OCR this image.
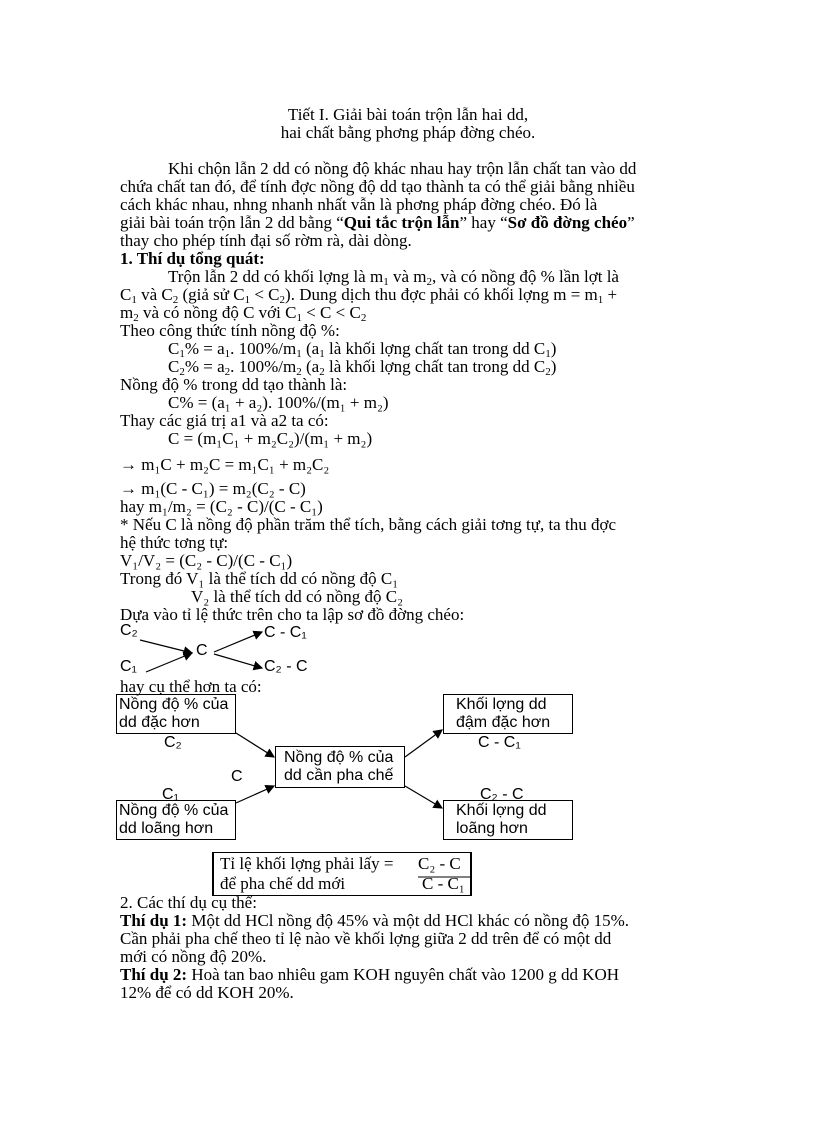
Tiết I. Giải bài toán trộn lẫn hai dd,
hai chất bằng phơng pháp đờng chéo.
Khi chộn lẫn 2 dd có nồng độ khác nhau hay trộn lẫn chất tan vào dd
chứa chất tan đó, để tính đợc nồng độ dd tạo thành ta có thể giải bằng nhiều
cách khác nhau, nhng nhanh nhất vẫn là phơng pháp đờng chéo. Đó là
giải bài toán trộn lẫn 2 dd bằng “Qui tắc trộn lẫn” hay “Sơ đồ đờng chéo”
thay cho phép tính đại số rờm rà, dài dòng.
1. Thí dụ tổng quát:
Trộn lẫn 2 dd có khối lợng là $m_1$ và $m_2$, và có nồng độ % lần lợt là
$C_1$ và $C_2$ (giả sử $C_1 < C_2$). Dung dịch thu đợc phải có khối lợng $m = m_1$ +
$m_2$ và có nồng độ C với $C_1 < C < C_2$
Theo công thức tính nồng độ %:
$C_1\% = a_1$. $100\%/m_1$ ($a_1$ là khối lợng chất tan trong dd $C_1$)
$C_2\% = a_2$. $100\%/m_2$ ($a_2$ là khối lợng chất tan trong dd $C_2$)
Nồng độ % trong dd tạo thành là:
C% = (a₁ + a₂). 100%/(m₁ + m₂)
Thay các giá trị a1 và a2 ta có:
C = (m₁C₁ + m₂C₂)/(m₁ + m₂)
→ m₁C + m₂C = m₁C₁ + m₂C₂
→ m₁(C - C₁) = m₂(C₂ - C)
hay m₁/m₂ = (C₂ - C)/(C - C₁)
* Nếu C là nồng độ phần trăm thể tích, bằng cách giải tơng tự, ta thu đợc
hệ thức tơng tự:
V₁/V₂ = (C₂ - C)/(C - C₁)
Trong đó V₁ là thể tích dd có nồng độ C₁
V₂ là thể tích dd có nồng độ C₂
Dựa vào tỉ lệ thức trên cho ta lập sơ đồ đờng chéo:
C₂
C₁
C
C - C₁
C₂ - C
hay cụ thể hơn ta có:
Nồng độ % của
dd đặc hơn
C₂
Khối lợng dd
đậm đặc hơn
C - C₁
Nồng độ % của
dd cần pha chế
C
C₁	C₂ - C
Nồng độ % của
dd loãng hơn
Khối lợng dd
loãng hơn
Tỉ lệ khối lợng phải lấy = C₂ - C
để pha chế dd mới	C - C₁
2. Các thí dụ cụ thể:
Thí dụ 1: Một dd HCl nồng độ 45% và một dd HCl khác có nồng độ 15%.
Cần phải pha chế theo tỉ lệ nào về khối lợng giữa 2 dd trên để có một dd
mới có nồng độ 20%.
Thí dụ 2: Hoà tan bao nhiêu gam KOH nguyên chất vào 1200 g dd KOH
12% để có dd KOH 20%.
